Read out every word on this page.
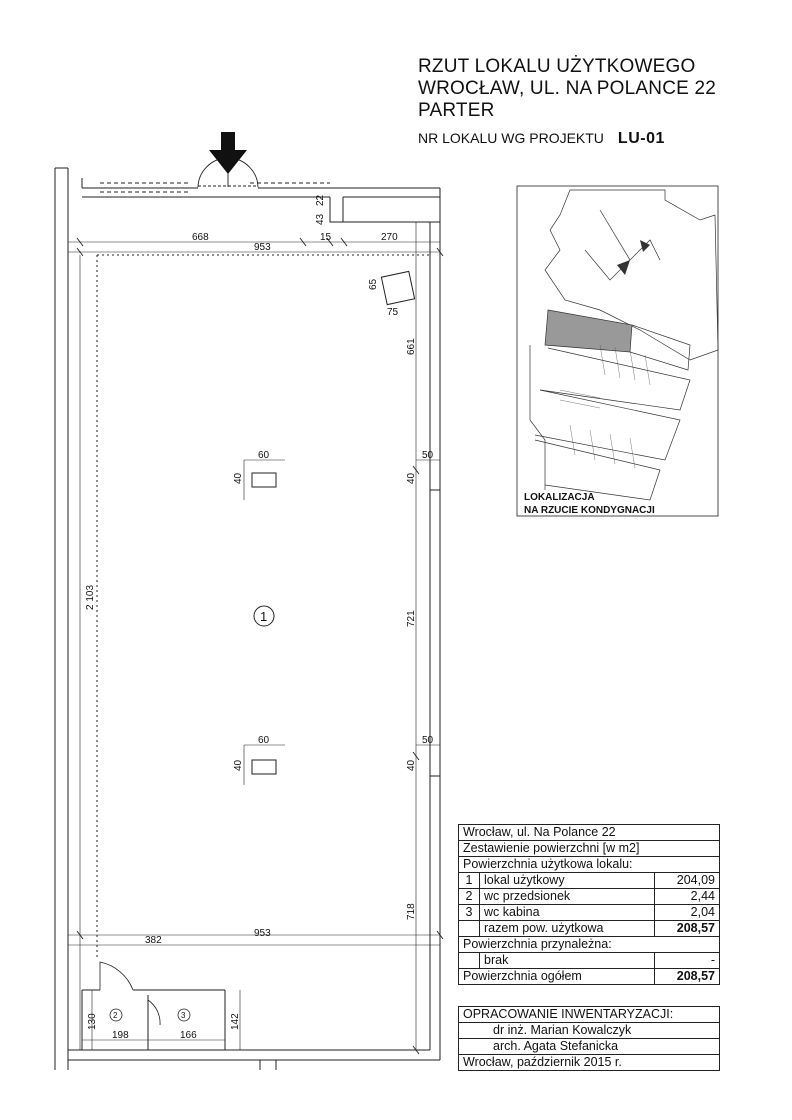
RZUT LOKALU UŻYTKOWEGO
WROCŁAW, UL. NA POLANCE 22
PARTER
NR LOKALU WG PROJEKTU LU-01
668	15	270
953
43
22
65
75
661
60
40	40
50
2 103
721
60
40	40
50
718
382
953
130
198	166
142
1
2	3
LOKALIZACJA
NA RZUCIE KONDYGNACJI
Wrocław, ul. Na Polance 22		
Zestawienie powierzchni [w m2]		
Powierzchnia użytkowa lokalu:		
1	lokal użytkowy	204,09
2	wc przedsionek	2,44
3	wc kabina	2,04
	razem pow. użytkowa	208,57
Powierzchnia przynależna:		
	brak	-
Powierzchnia ogółem		208,57
OPRACOWANIE INWENTARYZACJI:
dr inż. Marian Kowalczyk
arch. Agata Stefanicka
Wrocław, październik 2015 r.
